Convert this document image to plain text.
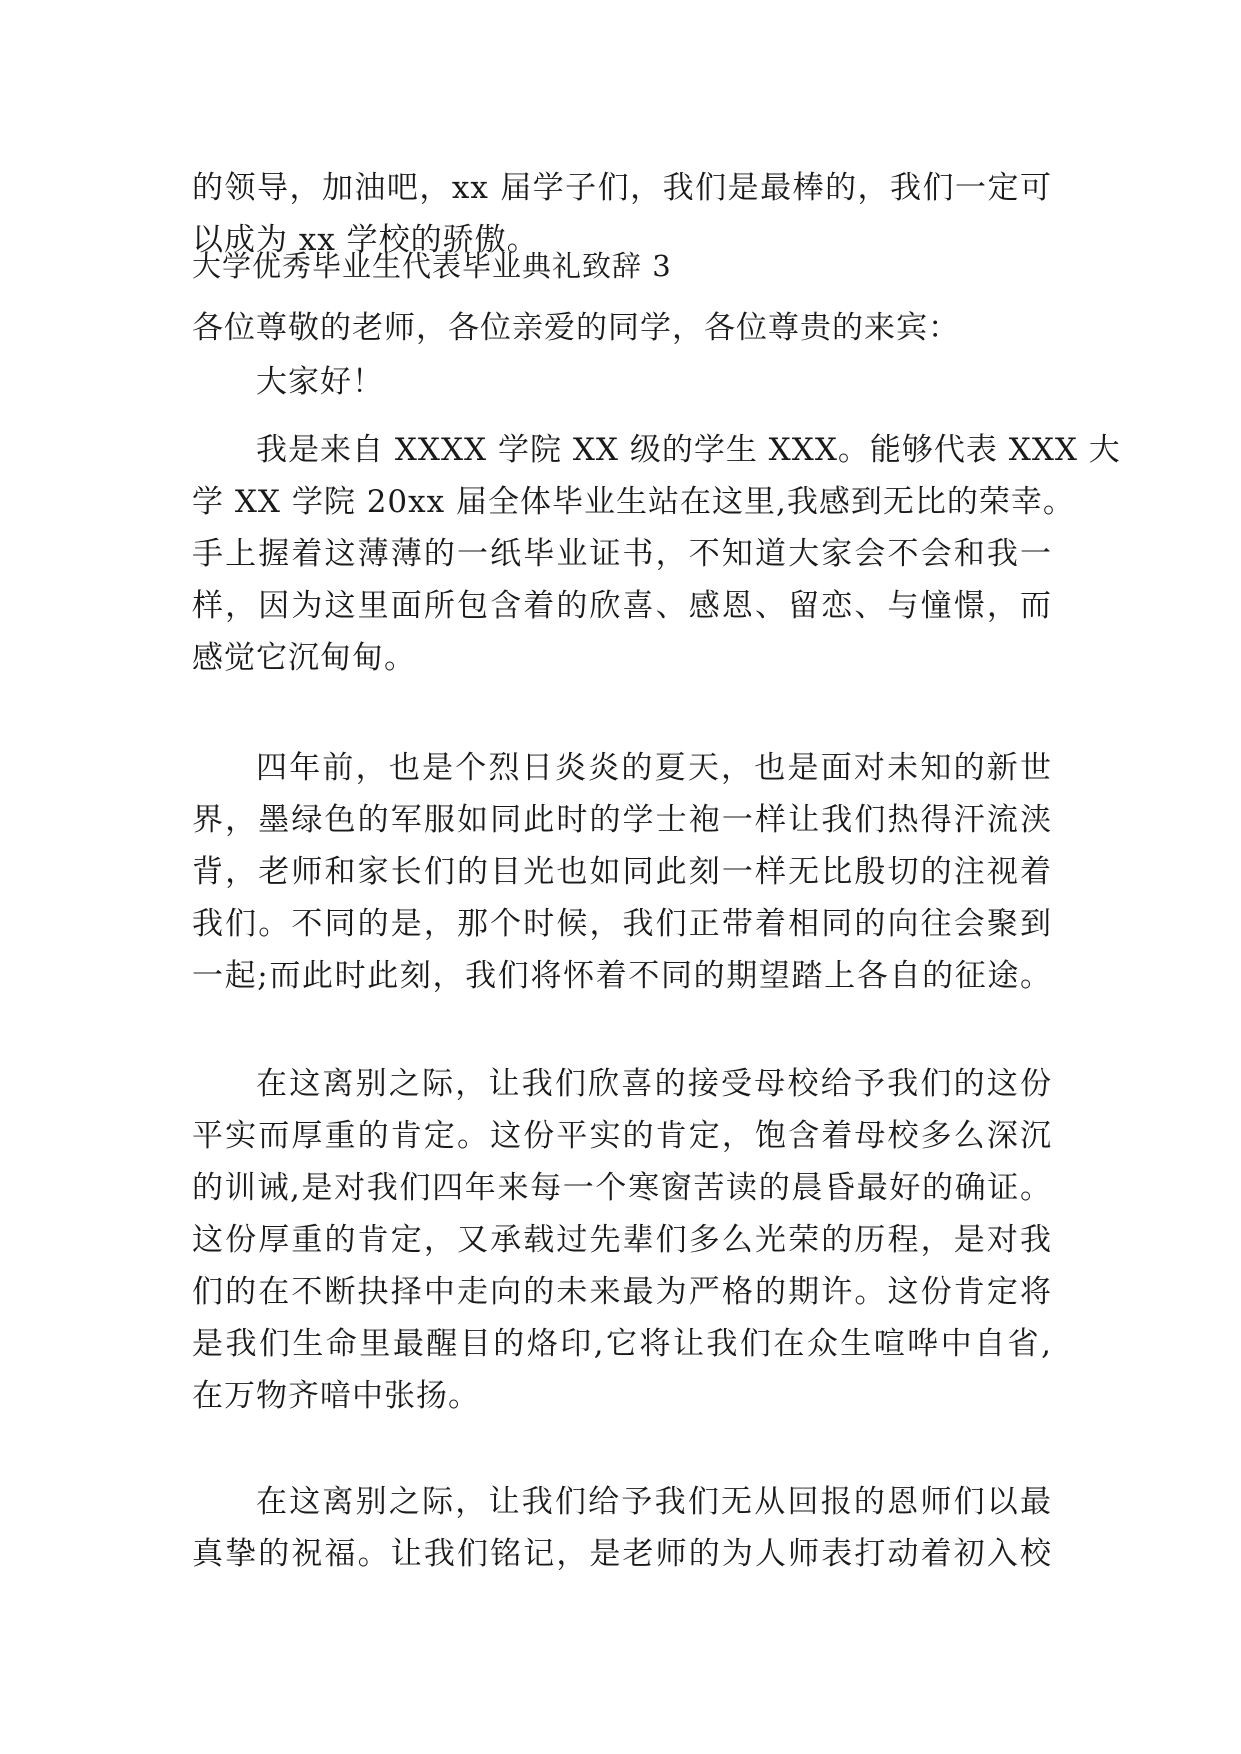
的领导，加油吧，xx 届学子们，我们是最棒的，我们一定可
以成为 xx 学校的骄傲。
大学优秀毕业生代表毕业典礼致辞 3
各位尊敬的老师，各位亲爱的同学，各位尊贵的来宾：
大家好！
我是来自 XXXX 学院 XX 级的学生 XXX。能够代表 XXX 大
学 XX 学院 20xx 届全体毕业生站在这里,我感到无比的荣幸。
手上握着这薄薄的一纸毕业证书，不知道大家会不会和我一
样，因为这里面所包含着的欣喜、感恩、留恋、与憧憬，而
感觉它沉甸甸。
四年前，也是个烈日炎炎的夏天，也是面对未知的新世
界，墨绿色的军服如同此时的学士袍一样让我们热得汗流浃
背，老师和家长们的目光也如同此刻一样无比殷切的注视着
我们。不同的是，那个时候，我们正带着相同的向往会聚到
一起;而此时此刻，我们将怀着不同的期望踏上各自的征途。
在这离别之际，让我们欣喜的接受母校给予我们的这份
平实而厚重的肯定。这份平实的肯定，饱含着母校多么深沉
的训诫,是对我们四年来每一个寒窗苦读的晨昏最好的确证。
这份厚重的肯定，又承载过先辈们多么光荣的历程，是对我
们的在不断抉择中走向的未来最为严格的期许。这份肯定将
是我们生命里最醒目的烙印,它将让我们在众生喧哗中自省,
在万物齐喑中张扬。
在这离别之际，让我们给予我们无从回报的恩师们以最
真挚的祝福。让我们铭记，是老师的为人师表打动着初入校
